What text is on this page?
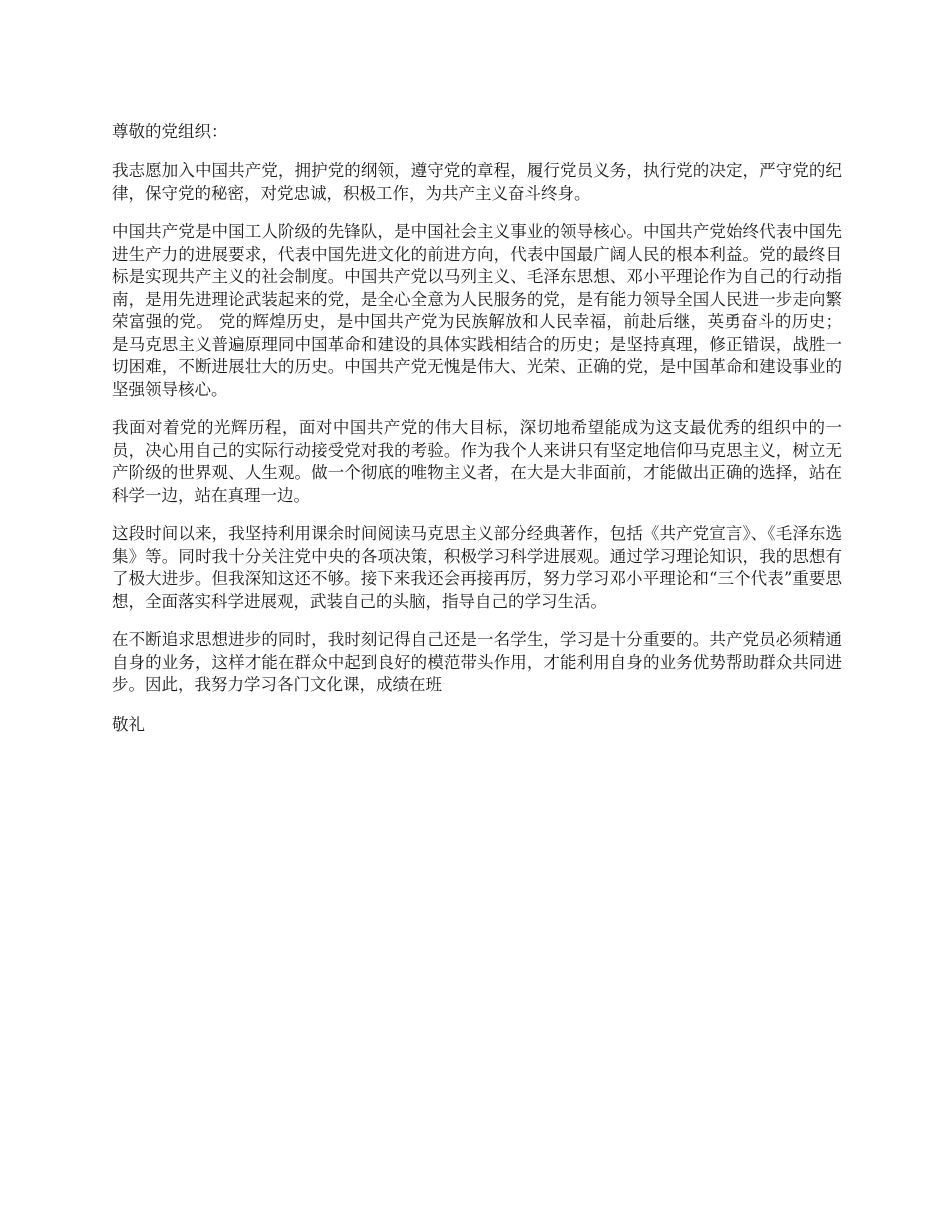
尊敬的党组织：

我志愿加入中国共产党，拥护党的纲领，遵守党的章程，履行党员义务，执行党的决定，严守党的纪律，保守党的秘密，对党忠诚，积极工作，为共产主义奋斗终身。

中国共产党是中国工人阶级的先锋队，是中国社会主义事业的领导核心。中国共产党始终代表中国先进生产力的进展要求，代表中国先进文化的前进方向，代表中国最广阔人民的根本利益。党的最终目标是实现共产主义的社会制度。中国共产党以马列主义、毛泽东思想、邓小平理论作为自己的行动指南，是用先进理论武装起来的党，是全心全意为人民服务的党，是有能力领导全国人民进一步走向繁荣富强的党。 党的辉煌历史，是中国共产党为民族解放和人民幸福，前赴后继，英勇奋斗的历史；是马克思主义普遍原理同中国革命和建设的具体实践相结合的历史；是坚持真理，修正错误，战胜一切困难，不断进展壮大的历史。中国共产党无愧是伟大、光荣、正确的党，是中国革命和建设事业的坚强领导核心。

我面对着党的光辉历程，面对中国共产党的伟大目标，深切地希望能成为这支最优秀的组织中的一员，决心用自己的实际行动接受党对我的考验。作为我个人来讲只有坚定地信仰马克思主义，树立无产阶级的世界观、人生观。做一个彻底的唯物主义者，在大是大非面前，才能做出正确的选择，站在科学一边，站在真理一边。

这段时间以来，我坚持利用课余时间阅读马克思主义部分经典著作，包括《共产党宣言》、《毛泽东选集》等。同时我十分关注党中央的各项决策，积极学习科学进展观。通过学习理论知识，我的思想有了极大进步。但我深知这还不够。接下来我还会再接再厉，努力学习邓小平理论和“三个代表”重要思想，全面落实科学进展观，武装自己的头脑，指导自己的学习生活。

在不断追求思想进步的同时，我时刻记得自己还是一名学生，学习是十分重要的。共产党员必须精通自身的业务，这样才能在群众中起到良好的模范带头作用，才能利用自身的业务优势帮助群众共同进步。因此，我努力学习各门文化课，成绩在班

敬礼
